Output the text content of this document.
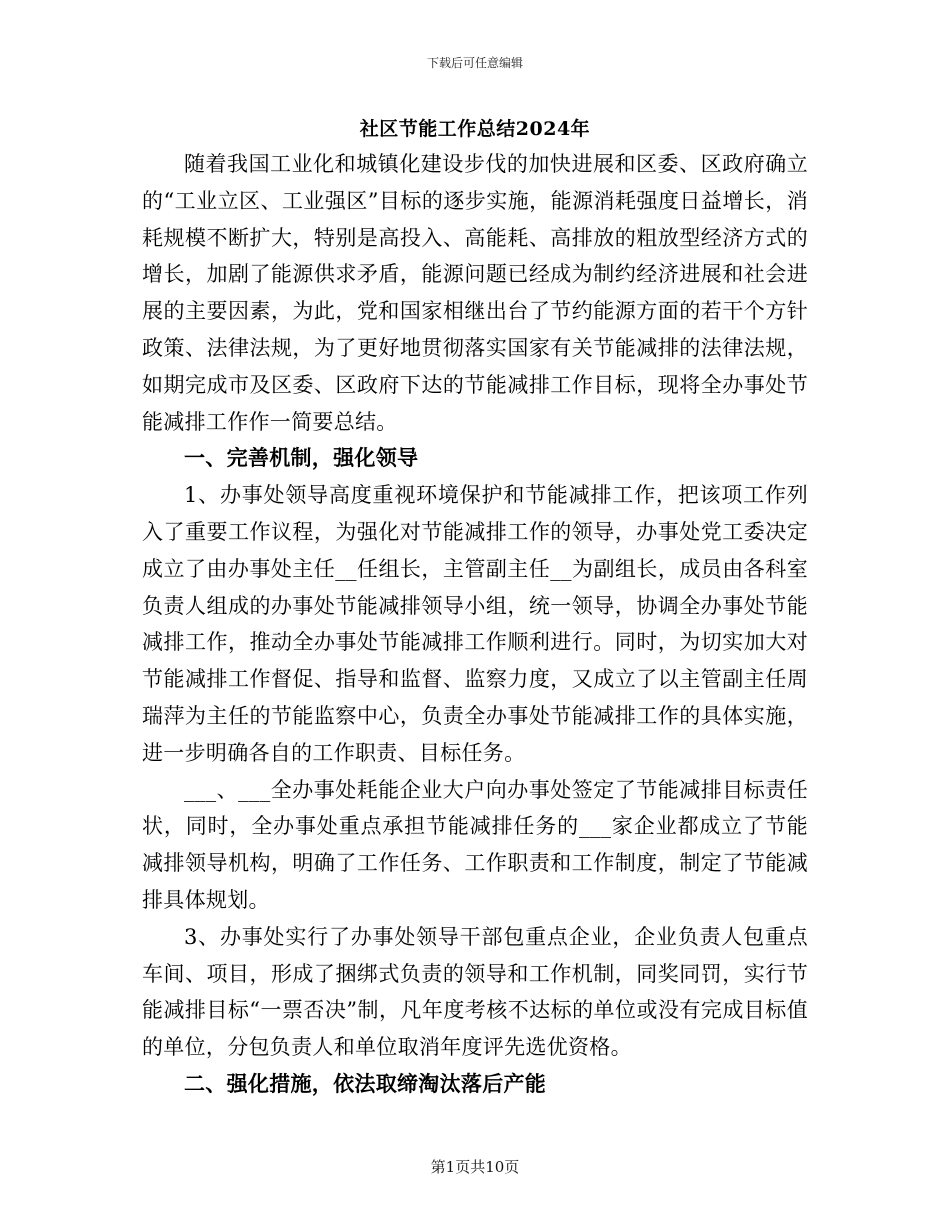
下载后可任意编辑
社区节能工作总结2024年

随着我国工业化和城镇化建设步伐的加快进展和区委、区政府确立的“工业立区、工业强区”目标的逐步实施，能源消耗强度日益增长，消耗规模不断扩大，特别是高投入、高能耗、高排放的粗放型经济方式的增长，加剧了能源供求矛盾，能源问题已经成为制约经济进展和社会进展的主要因素，为此，党和国家相继出台了节约能源方面的若干个方针政策、法律法规，为了更好地贯彻落实国家有关节能减排的法律法规，如期完成市及区委、区政府下达的节能减排工作目标，现将全办事处节能减排工作作一简要总结。

一、完善机制，强化领导

1、办事处领导高度重视环境保护和节能减排工作，把该项工作列入了重要工作议程，为强化对节能减排工作的领导，办事处党工委决定成立了由办事处主任__任组长，主管副主任__为副组长，成员由各科室负责人组成的办事处节能减排领导小组，统一领导，协调全办事处节能减排工作，推动全办事处节能减排工作顺利进行。同时，为切实加大对节能减排工作督促、指导和监督、监察力度，又成立了以主管副主任周瑞萍为主任的节能监察中心，负责全办事处节能减排工作的具体实施，进一步明确各自的工作职责、目标任务。

___、___全办事处耗能企业大户向办事处签定了节能减排目标责任状，同时，全办事处重点承担节能减排任务的___家企业都成立了节能减排领导机构，明确了工作任务、工作职责和工作制度，制定了节能减排具体规划。

3、办事处实行了办事处领导干部包重点企业，企业负责人包重点车间、项目，形成了捆绑式负责的领导和工作机制，同奖同罚，实行节能减排目标“一票否决”制，凡年度考核不达标的单位或没有完成目标值的单位，分包负责人和单位取消年度评先选优资格。

二、强化措施，依法取缔淘汰落后产能

第1页共10页
